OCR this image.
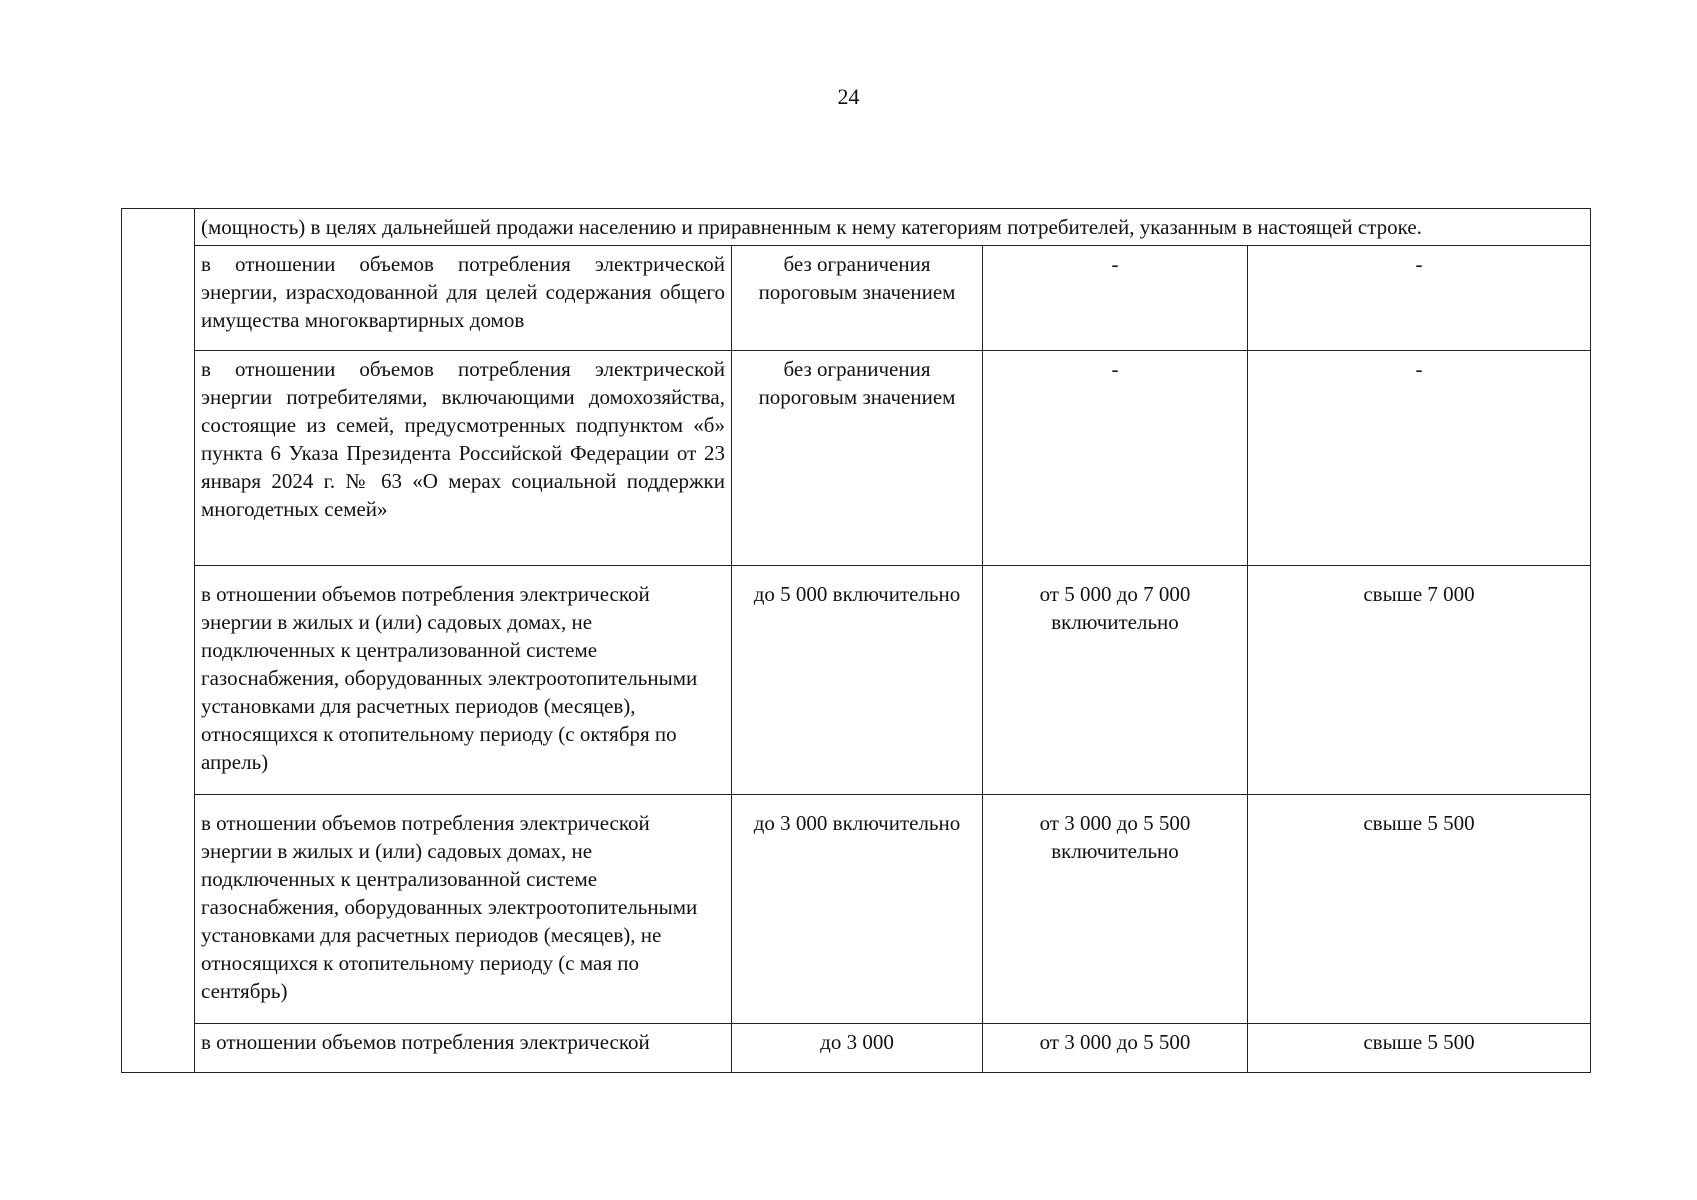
24
	(мощность) в целях дальнейшей продажи населению и приравненным к нему категориям потребителей, указанным в настоящей строке.			
	в отношении объемов потребления электрической энергии, израсходованной для целей содержания общего имущества многоквартирных домов	без ограничения пороговым значением	-	-
	в отношении объемов потребления электрической энергии потребителями, включающими домохозяйства, состоящие из семей, предусмотренных подпунктом «б» пункта 6 Указа Президента Российской Федерации от 23 января 2024 г. № 63 «О мерах социальной поддержки многодетных семей»	без ограничения пороговым значением	-	-
	в отношении объемов потребления электрической энергии в жилых и (или) садовых домах, не подключенных к централизованной системе газоснабжения, оборудованных электроотопительными установками для расчетных периодов (месяцев), относящихся к отопительному периоду (с октября по апрель)	до 5 000 включительно	от 5 000 до 7 000 включительно	свыше 7 000
	в отношении объемов потребления электрической энергии в жилых и (или) садовых домах, не подключенных к централизованной системе газоснабжения, оборудованных электроотопительными установками для расчетных периодов (месяцев), не относящихся к отопительному периоду (с мая по сентябрь)	до 3 000 включительно	от 3 000 до 5 500 включительно	свыше 5 500
	в отношении объемов потребления электрической	до 3 000	от 3 000 до 5 500	свыше 5 500
